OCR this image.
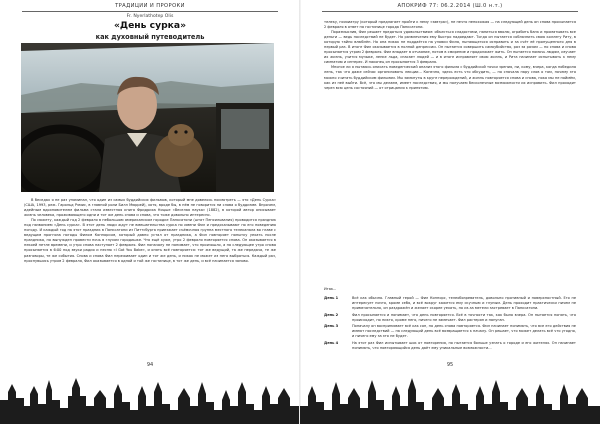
ТРАДИЦИИ И ПРОРОКИ
Fr. Nyerlathotep Olis
«День сурка»
как духовный путеводитель

В беседах я не раз упоминал, что один из самых буддийских фильмов, который мне довелось посмотреть — это «День Сурка» (США, 1993, реж. Гарольд Рэмис, в главной роли Билл Мюррей), хотя, вроде бы, в нём не говорится ни слова о буддизме. Впрочем, идейным вдохновителем фильма стала известная книга Фридриха Ницше «Веселая наука» (1882), в которой автор описывает жизнь человека, проживающего одни и тот же день снова и снова, что тоже довольно интересно.

По сюжету, каждый год 2 февраля в небольшом американском городке Панксатони (штат Пенсильвания) проводится праздник под названием «День сурка». В этот день люди ждут не вмешательства сурка по имени Фил и предсказывают по его поведению погоду. И каждый год на этот праздник в Панксатони из Питтсбурга приезжает съёмочная группа местного телеканала во главе с ведущим прогноза погоды Филом Коннорсом, который давно устал от праздника, а Фил повторяет попытку уехать после праздника, но вынужден провести ночь в глухом городишке. Что ещё хуже, утро 2 февраля повторяется снова. Он оказывается в некоей петле времени, и утро снова наступает 2 февраля. Фил поначалу не понимает, что произошло, а на следующее утро снова просыпается в 6:00 под звуки радио и песню «I Got You Babe», и опять всё повторяется: тот же ведущий, та же передача, те же разговоры, те же события. Снова и снова Фил переживает один и тот же день, и никак не может из него выбраться. Каждый раз, проснувшись утром 2 февраля, Фил оказывается в одной и той же гостинице, в тот же день, и всё начинается заново.

94
АПОКРИФ 77: 06.2.2014 (Ш.0 н.т.)

телеку, психиатру (который предлагает пройти к нему «завтра»), не нечто непохожая — на следующей день он снова просыпается 2 февраля в ответ на гостинице города Панксатони.

Поразмыслив, Фил решает предаться удовольствиям: объесться сладостями, напиться вволю, ограбить банк и проматывать все деньги — ведь последствий не будет. Но развлечения ему быстро надоедают. Тогда он пытается соблазнить свою коллегу Риту, в которую тайно влюблён. Но она никак не поддаётся на уловки Фила, пытающегося исправить и за счёт её пропущенного дня в первый раз. В итоге Фил оказывается в полной депрессии. Он пытается совершить самоубийство, раз за разом — но снова и снова просыпается утром 2 февраля. Фил впадает в отчаяние, потом в смирение и продолжает жить. Он пытается помочь людям, изучает их жизнь, учится музыке, лепке льда, спасает людей — и в итоге исправляет свою жизнь, и Рита начинает испытывать к нему симпатию и интерес. И наконец он просыпается 3 февраля.

Многое ли я пытаюсь описать поведенческий анализ этого фильма с буддийской точки зрения, ни, кому, вчера, когда победила лень, так что даже сейчас организовать лекции... Конечно, здесь есть что обсудить, — но сначала пару слов о том, почему это можно считать буддийским фильмом. Мы замкнуты в круге перерождений, и жизнь повторяется снова и снова, пока мы не поймём, как из неё выйти. Всё, что мы делаем, имеет последствия, и мы получаем бесконечные возможности их исправить. Фил проходит через всю цепь состояний — от отрицания к принятию.

Итак...

День 1	Всё как обычно. Главный герой — Фил Коннорс, телеобозреватель, довольно противный и поверхностный. Его не интересует ничто, кроме себя, и всё вокруг кажется ему скучным и глупым. День проходит практически ничем не примечательно, он раздражён и желает скорее уехать, но из-за метели застревает в Панксатони.
День 2	Фил просыпается и понимает, что день повторяется. Всё в точности так, как было вчера. Он пытается понять, что происходит, но никто, кроме него, ничего не замечает. Фил растерян и напуган.
День 3	Поначалу он воспринимает всё как сон, но день снова повторяется. Фил начинает понимать, что все его действия не имеют последствий — на следующий день всё возвращается к началу. Он решает, что может делать всё что угодно, и ничего ему за это не будет.
День 4	На этот раз Фил испытывает шок от повторения, но пытается больше узнать о городе и его жителях. Он начинает понимать, что повторяющийся день даёт ему уникальные возможности...
95
